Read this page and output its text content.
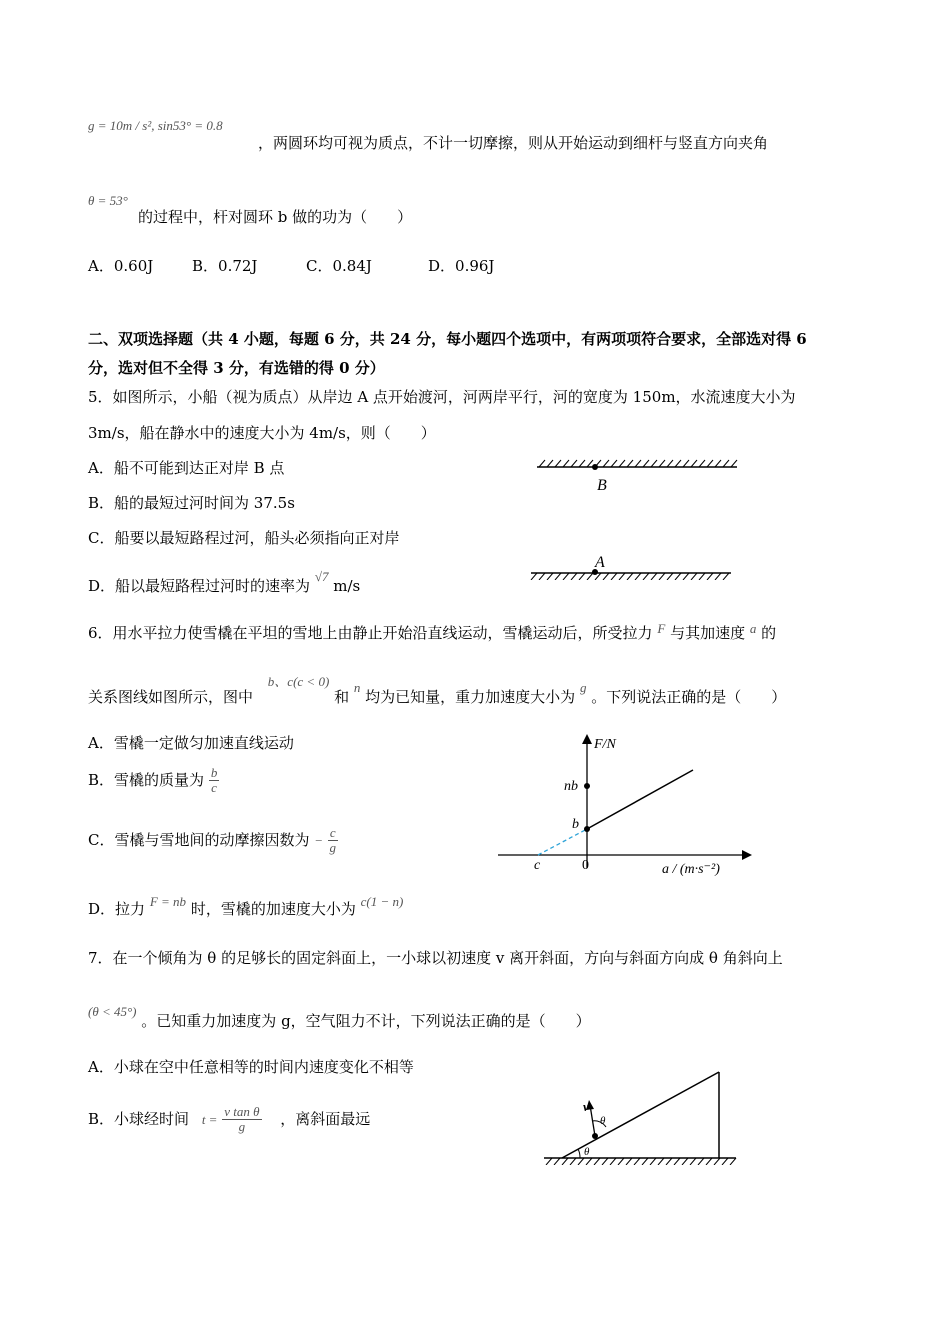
g = 10m / s², sin53° = 0.8
，两圆环均可视为质点，不计一切摩擦，则从开始运动到细杆与竖直方向夹角
θ = 53°
的过程中，杆对圆环 b 做的功为（　　）
A．0.60J	B．0.72J	C．0.84J	D．0.96J
二、双项选择题（共 4 小题，每题 6 分，共 24 分，每小题四个选项中，有两项项符合要求，全部选对得 6
分，选对但不全得 3 分，有选错的得 0 分）
5．如图所示，小船（视为质点）从岸边 A 点开始渡河，河两岸平行，河的宽度为 150m，水流速度大小为
3m/s，船在静水中的速度大小为 4m/s，则（　　）
A．船不可能到达正对岸 B 点
B．船的最短过河时间为 37.5s
C．船要以最短路程过河，船头必须指向正对岸
D．船以最短路程过河时的速率为 √7 m/s
B
A
6．用水平拉力使雪橇在平坦的雪地上由静止开始沿直线运动，雪橇运动后，所受拉力 F 与其加速度 a 的
关系图线如图所示，图中 b、c(c < 0) 和 n 均为已知量，重力加速度大小为 g 。下列说法正确的是（　　）
A．雪橇一定做匀加速直线运动
B．雪橇的质量为 $\frac{b}{c}$
C．雪橇与雪地间的动摩擦因数为 − $\frac{c}{g}$
D．拉力 F = nb 时，雪橇的加速度大小为 c(1 − n)
F/N
a / (m·s⁻²)
nb
b
c	0
7．在一个倾角为 θ 的足够长的固定斜面上，一小球以初速度 v 离开斜面，方向与斜面方向成 θ 角斜向上
(θ < 45°) 。已知重力加速度为 g，空气阻力不计，下列说法正确的是（　　）
A．小球在空中任意相等的时间内速度变化不相等
B．小球经时间 $t = \frac{\text{v tan θ}}{g}$ ，离斜面最远
θ
v
θ
